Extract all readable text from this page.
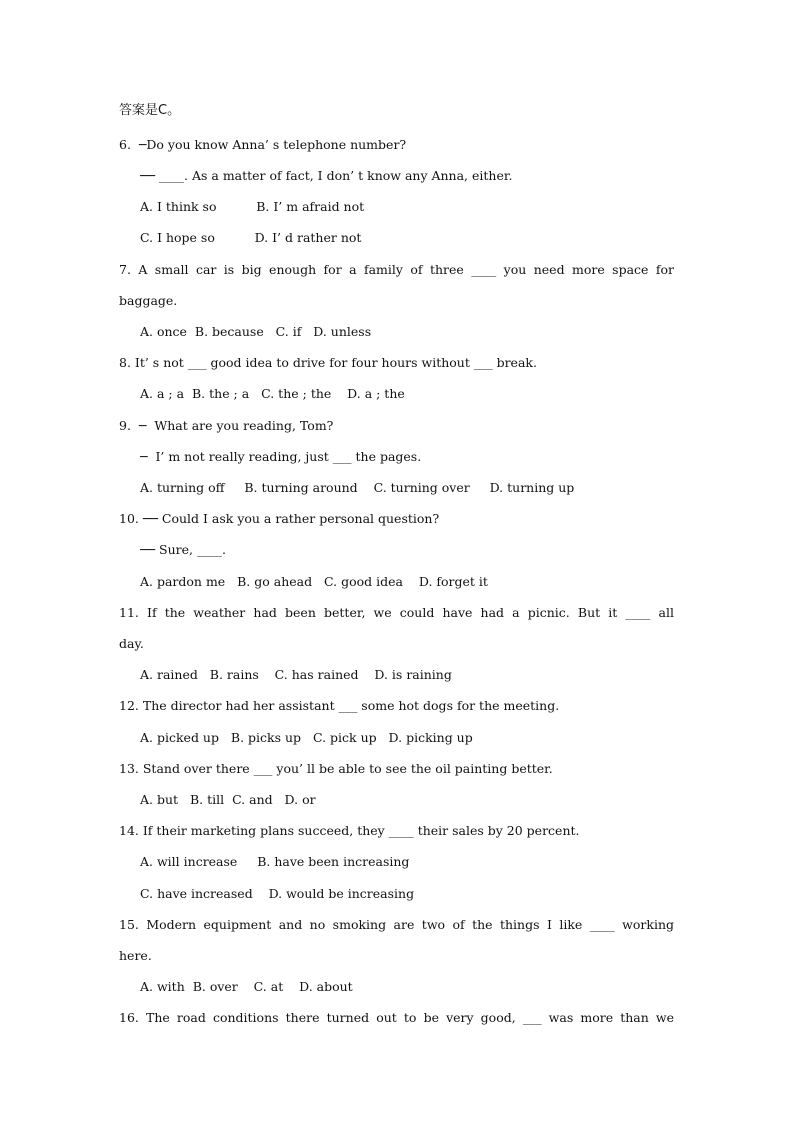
答案是C。
6.  ─Do you know Anna’ s telephone number?
── ____. As a matter of fact, I don’ t know any Anna, either.
A. I think so          B. I’ m afraid not
C. I hope so          D. I’ d rather not
7. A small car is big enough for a family of three ____ you need more space for
baggage.
A. once  B. because   C. if   D. unless
8. It’ s not ___ good idea to drive for four hours without ___ break.
A. a ; a  B. the ; a   C. the ; the    D. a ; the
9.  ─  What are you reading, Tom?
─  I’ m not really reading, just ___ the pages.
A. turning off     B. turning around    C. turning over     D. turning up
10. ── Could I ask you a rather personal question?
── Sure, ____.
A. pardon me   B. go ahead   C. good idea    D. forget it
11. If the weather had been better, we could have had a picnic. But it ____ all
day.
A. rained   B. rains    C. has rained    D. is raining
12. The director had her assistant ___ some hot dogs for the meeting.
A. picked up   B. picks up   C. pick up   D. picking up
13. Stand over there ___ you’ ll be able to see the oil painting better.
A. but   B. till  C. and   D. or
14. If their marketing plans succeed, they ____ their sales by 20 percent.
A. will increase     B. have been increasing
C. have increased    D. would be increasing
15. Modern equipment and no smoking are two of the things I like ____ working
here.
A. with  B. over    C. at    D. about
16. The road conditions there turned out to be very good, ___ was more than we
